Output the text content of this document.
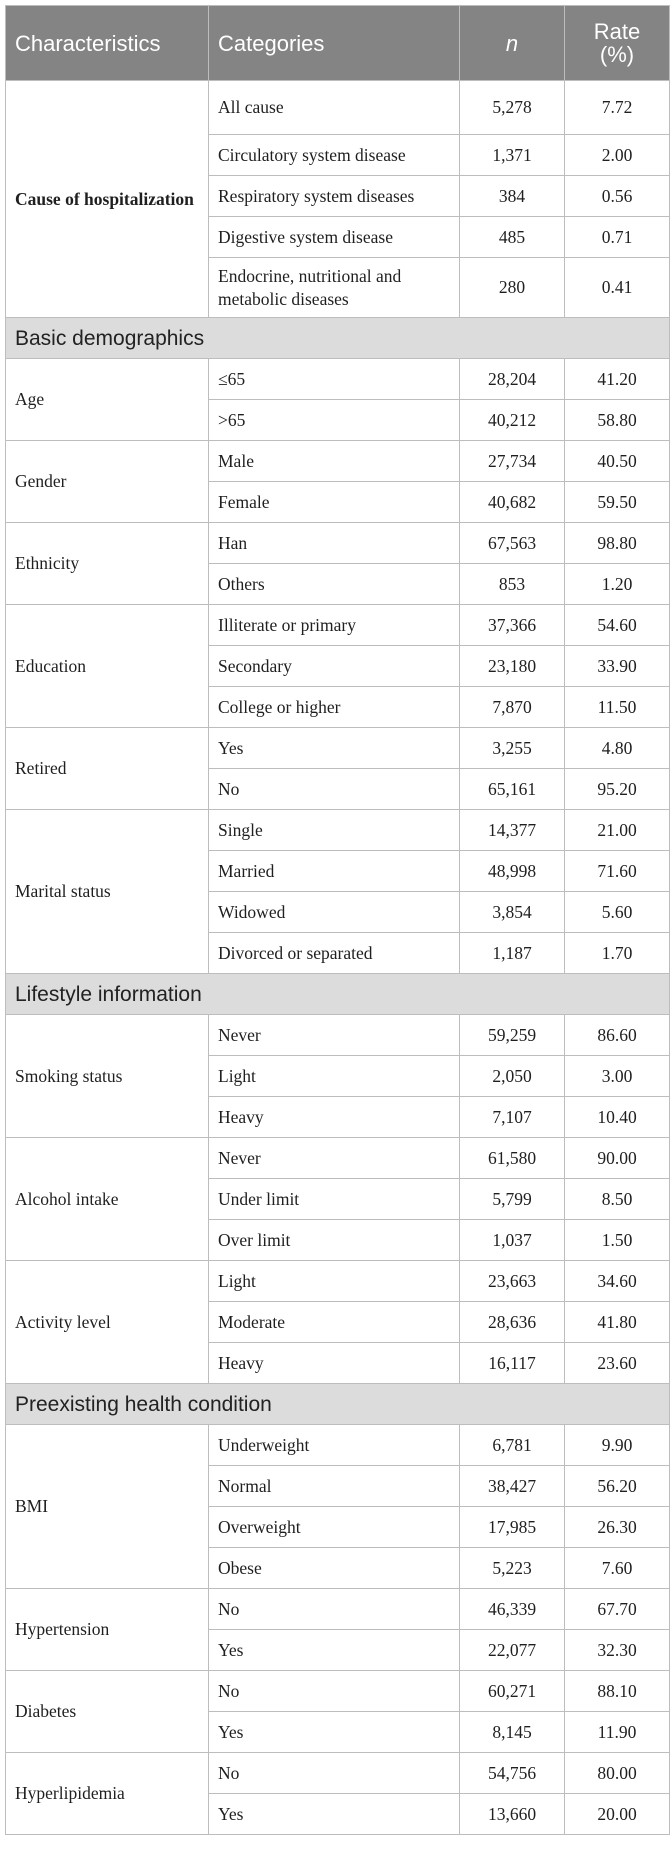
Characteristics	Categories	n	Rate (%)
Cause of hospitalization	All cause	5,278	7.72
	Circulatory system disease	1,371	2.00
	Respiratory system diseases	384	0.56
	Digestive system disease	485	0.71
	Endocrine, nutritional and metabolic diseases	280	0.41
Basic demographics			
Age	≤65	28,204	41.20
	>65	40,212	58.80
Gender	Male	27,734	40.50
	Female	40,682	59.50
Ethnicity	Han	67,563	98.80
	Others	853	1.20
Education	Illiterate or primary	37,366	54.60
	Secondary	23,180	33.90
	College or higher	7,870	11.50
Retired	Yes	3,255	4.80
	No	65,161	95.20
Marital status	Single	14,377	21.00
	Married	48,998	71.60
	Widowed	3,854	5.60
	Divorced or separated	1,187	1.70
Lifestyle information			
Smoking status	Never	59,259	86.60
	Light	2,050	3.00
	Heavy	7,107	10.40
Alcohol intake	Never	61,580	90.00
	Under limit	5,799	8.50
	Over limit	1,037	1.50
Activity level	Light	23,663	34.60
	Moderate	28,636	41.80
	Heavy	16,117	23.60
Preexisting health condition			
BMI	Underweight	6,781	9.90
	Normal	38,427	56.20
	Overweight	17,985	26.30
	Obese	5,223	7.60
Hypertension	No	46,339	67.70
	Yes	22,077	32.30
Diabetes	No	60,271	88.10
	Yes	8,145	11.90
Hyperlipidemia	No	54,756	80.00
	Yes	13,660	20.00
